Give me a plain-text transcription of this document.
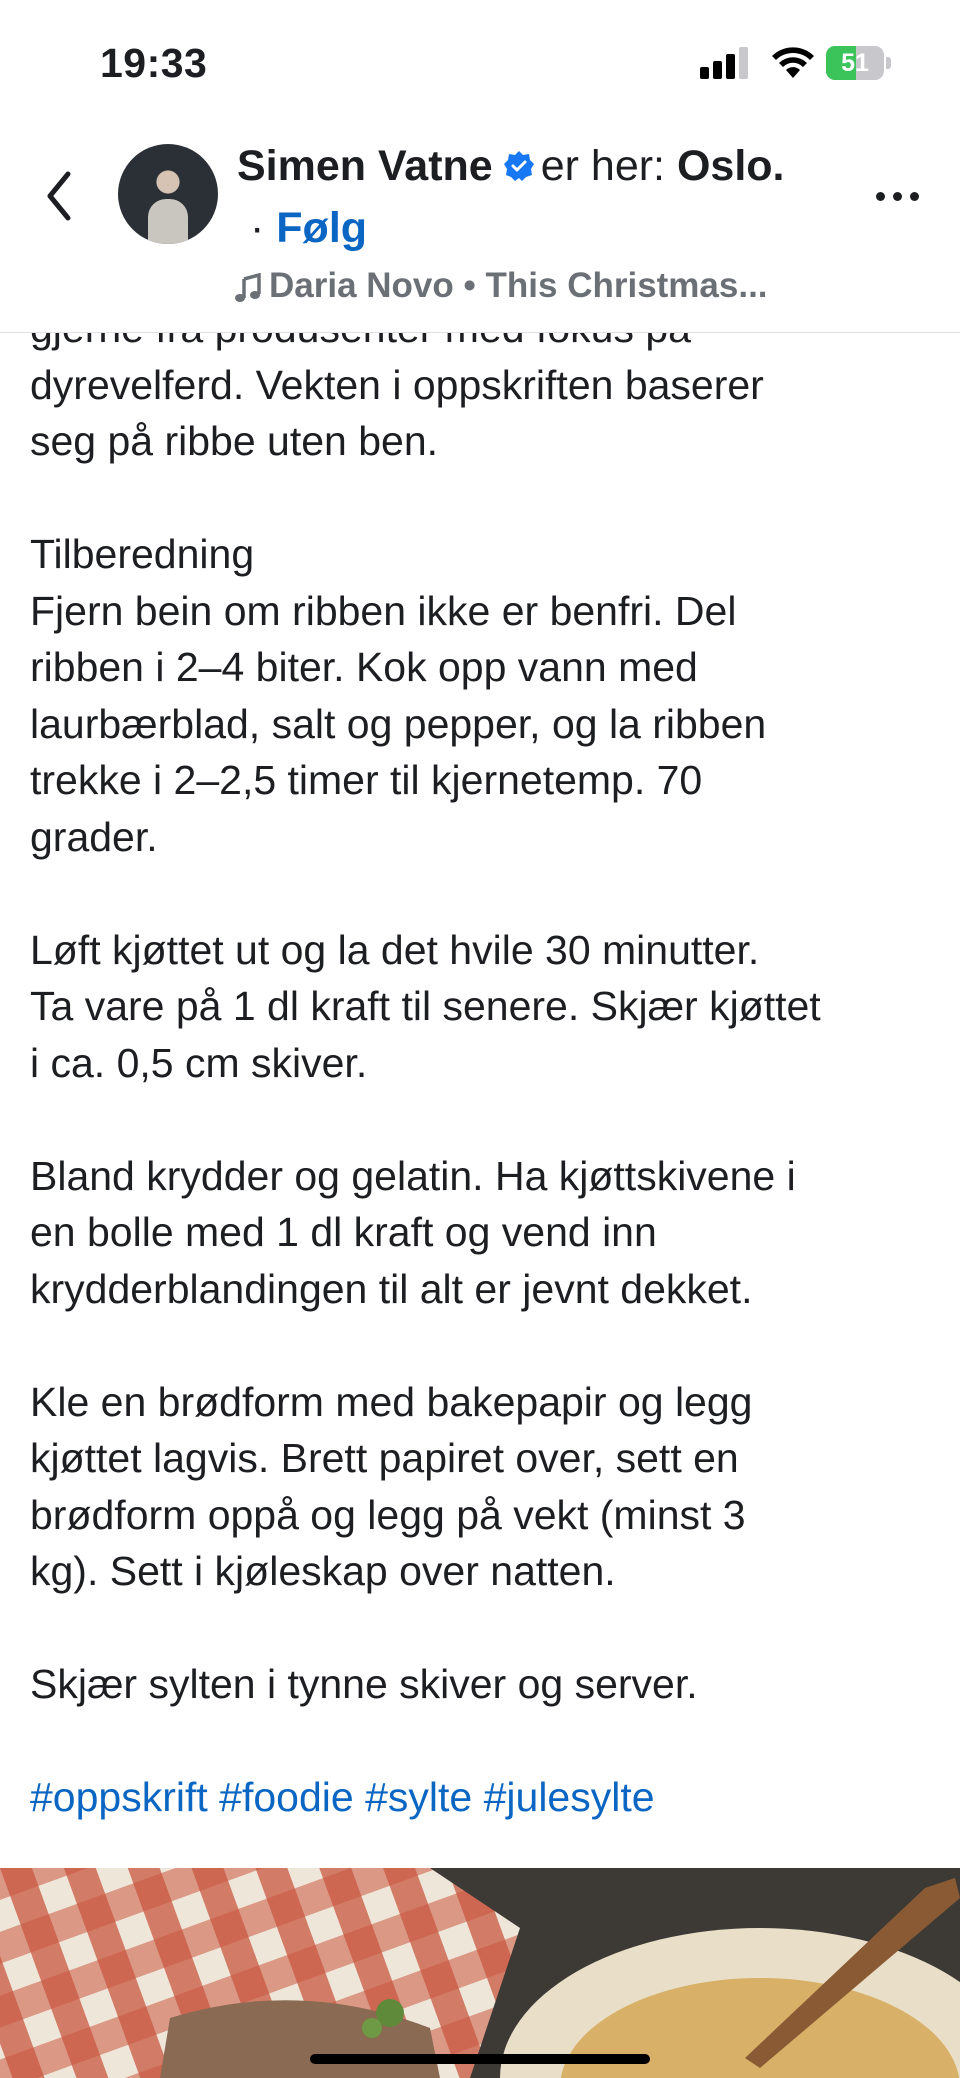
19:33	51
Simen Vatne er her: Oslo.
· Følg
Daria Novo • This Christmas...

dyrevelferd. Vekten i oppskriften baserer

seg på ribbe uten ben.

Tilberedning

Fjern bein om ribben ikke er benfri. Del

ribben i 2–4 biter. Kok opp vann med

laurbærblad, salt og pepper, og la ribben

trekke i 2–2,5 timer til kjernetemp. 70

grader.

Løft kjøttet ut og la det hvile 30 minutter.

Ta vare på 1 dl kraft til senere. Skjær kjøttet

i ca. 0,5 cm skiver.

Bland krydder og gelatin. Ha kjøttskivene i

en bolle med 1 dl kraft og vend inn

krydderblandingen til alt er jevnt dekket.

Kle en brødform med bakepapir og legg

kjøttet lagvis. Brett papiret over, sett en

brødform oppå og legg på vekt (minst 3

kg). Sett i kjøleskap over natten.

Skjær sylten i tynne skiver og server.

#oppskrift #foodie #sylte #julesylte
